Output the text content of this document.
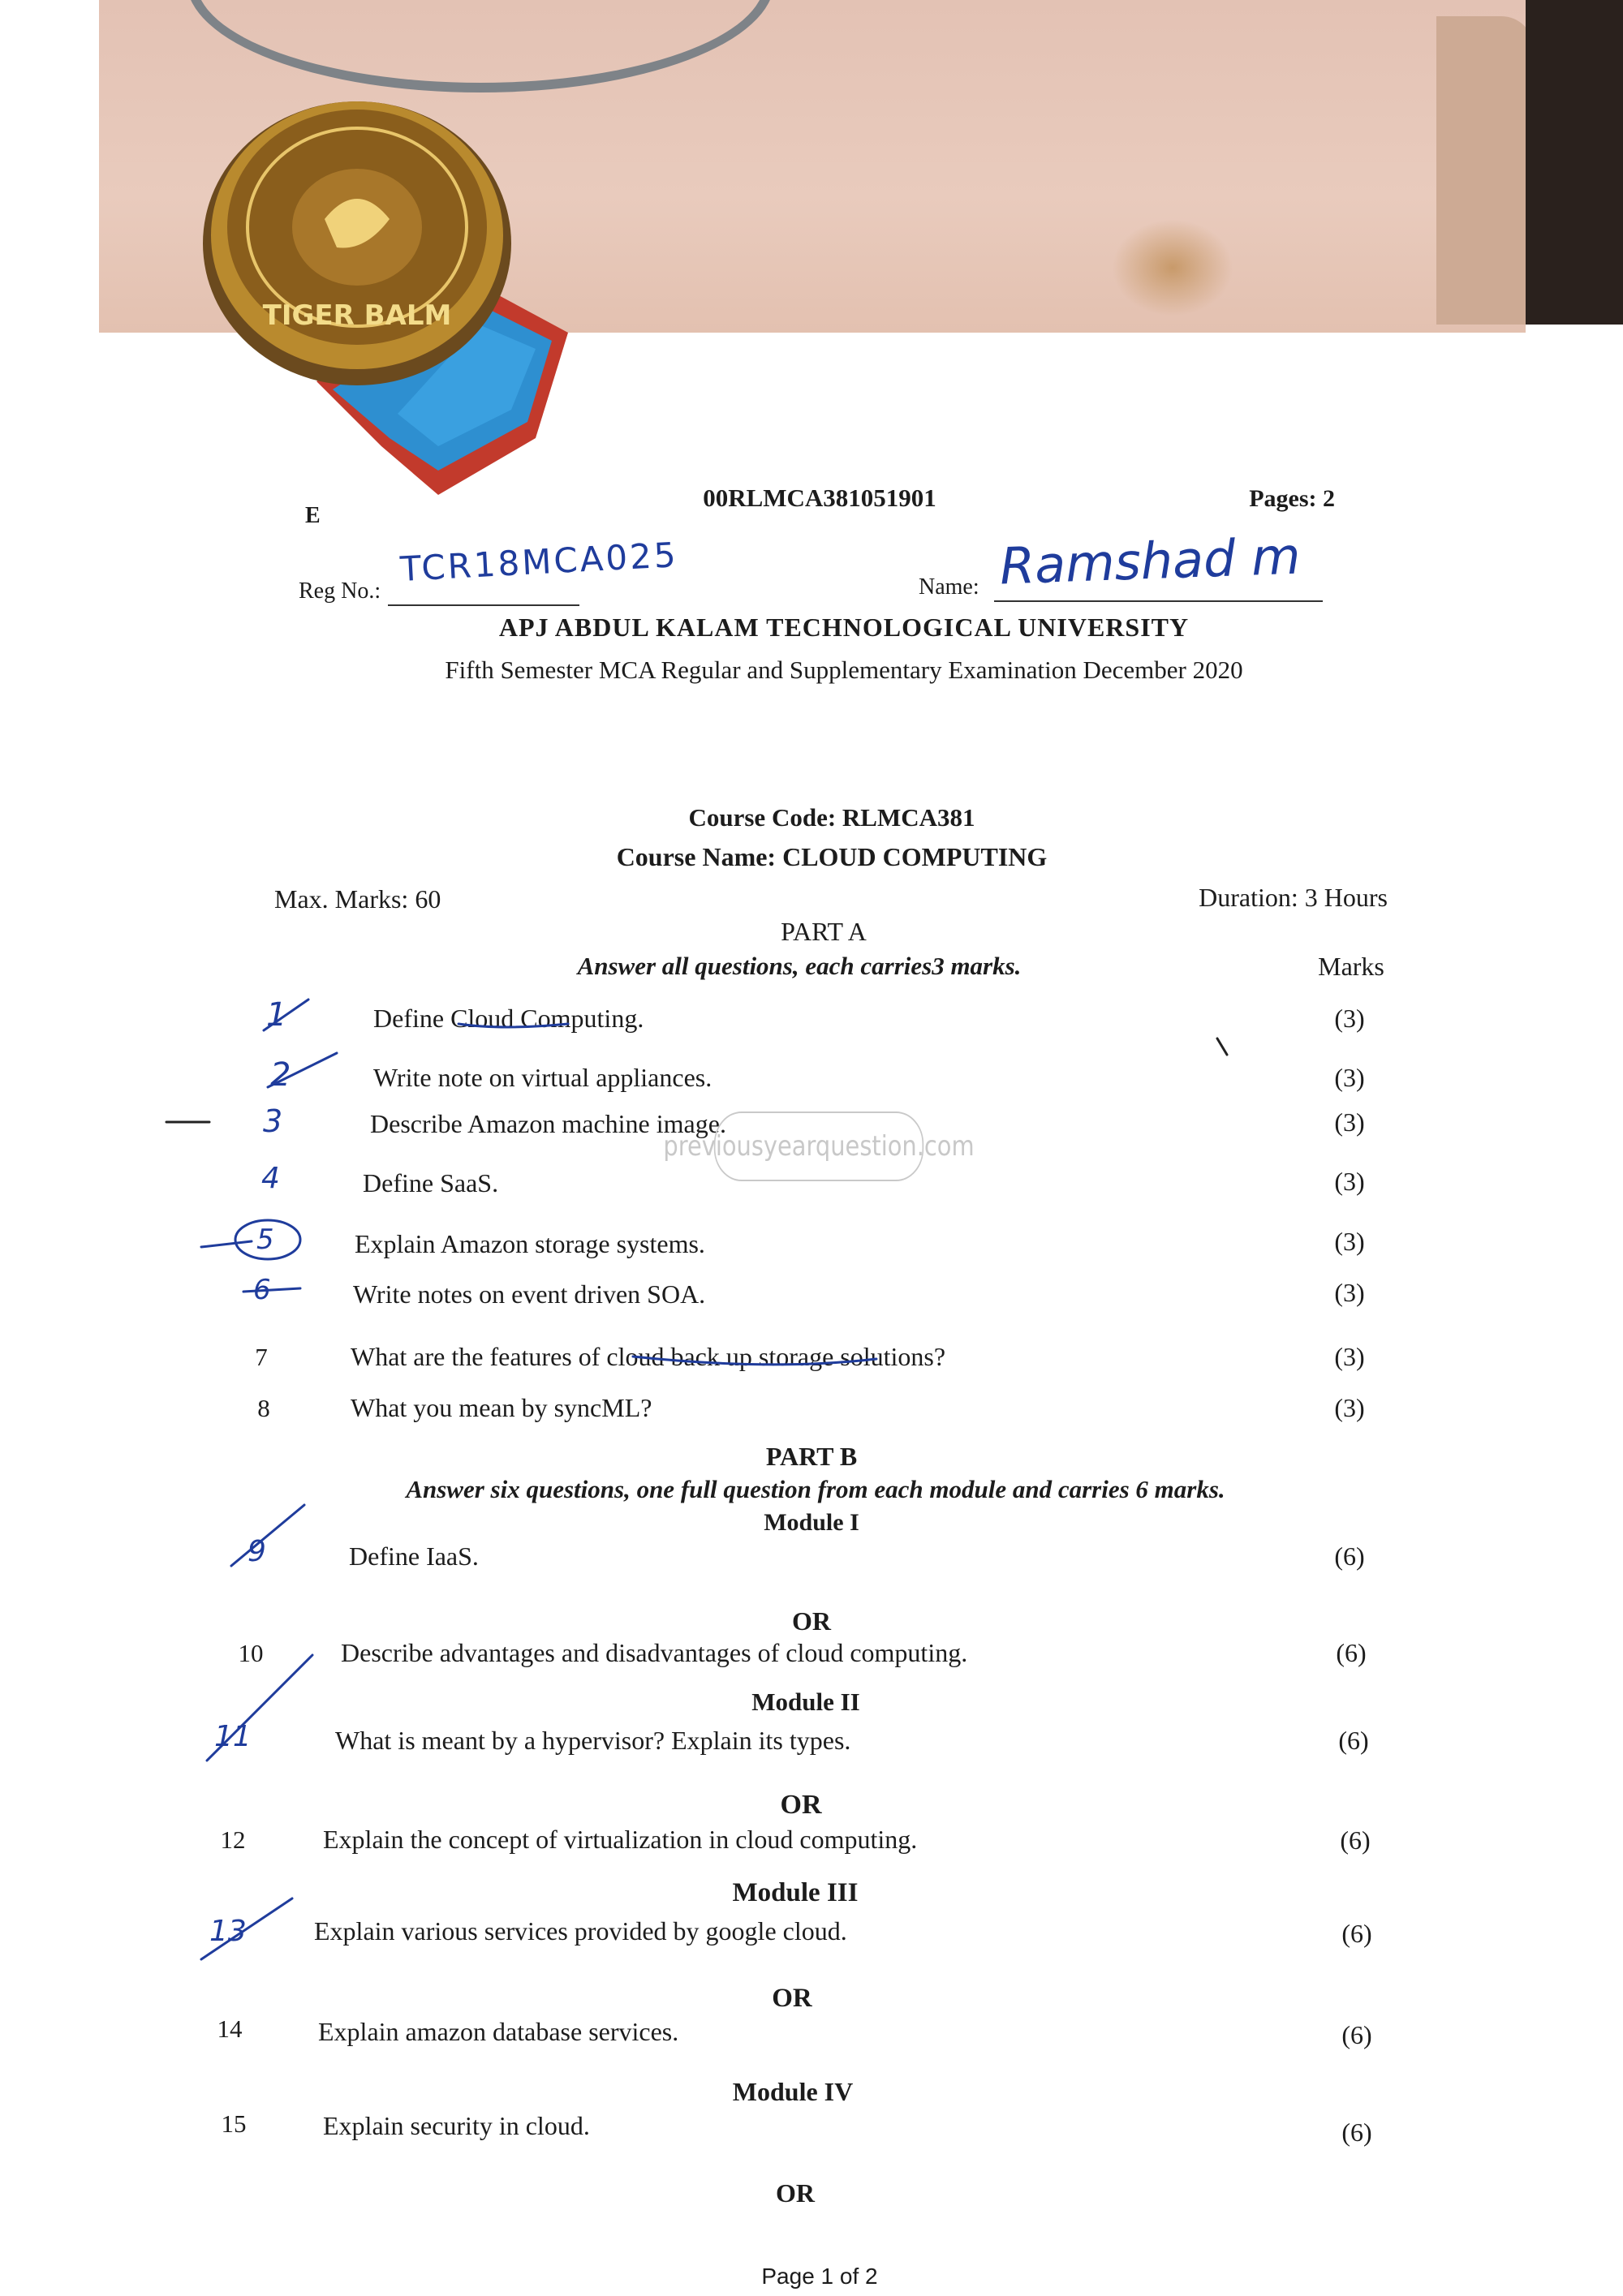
TIGER BALM
E
00RLMCA381051901	Pages: 2
Reg No.:
TCR18MCA025	Name: Ramshad m
APJ ABDUL KALAM TECHNOLOGICAL UNIVERSITY
Fifth Semester MCA Regular and Supplementary Examination December 2020
Course Code: RLMCA381
Course Name: CLOUD COMPUTING
Max. Marks: 60	Duration: 3 Hours
PART A
Answer all questions, each carries3 marks.	Marks
Define Cloud Computing.	(3)
Write note on virtual appliances.	(3)
Describe Amazon machine image.	(3)
Define SaaS.	(3)
Explain Amazon storage systems.	(3)
Write notes on event driven SOA.	(3)
7	What are the features of cloud back up storage solutions?	(3)
8	What you mean by syncML?	(3)
PART B
Answer six questions, one full question from each module and carries 6 marks.
Module I
Define IaaS.	(6)
OR
10	Describe advantages and disadvantages of cloud computing.	(6)
Module II
What is meant by a hypervisor? Explain its types.	(6)
OR
12	Explain the concept of virtualization in cloud computing.	(6)
Module III
Explain various services provided by google cloud.	(6)
OR
14	Explain amazon database services.	(6)
Module IV
15	Explain security in cloud.	(6)
OR
Page 1 of 2
previousyearquestion.com
1
2
3
4
5
6
9
11
13
